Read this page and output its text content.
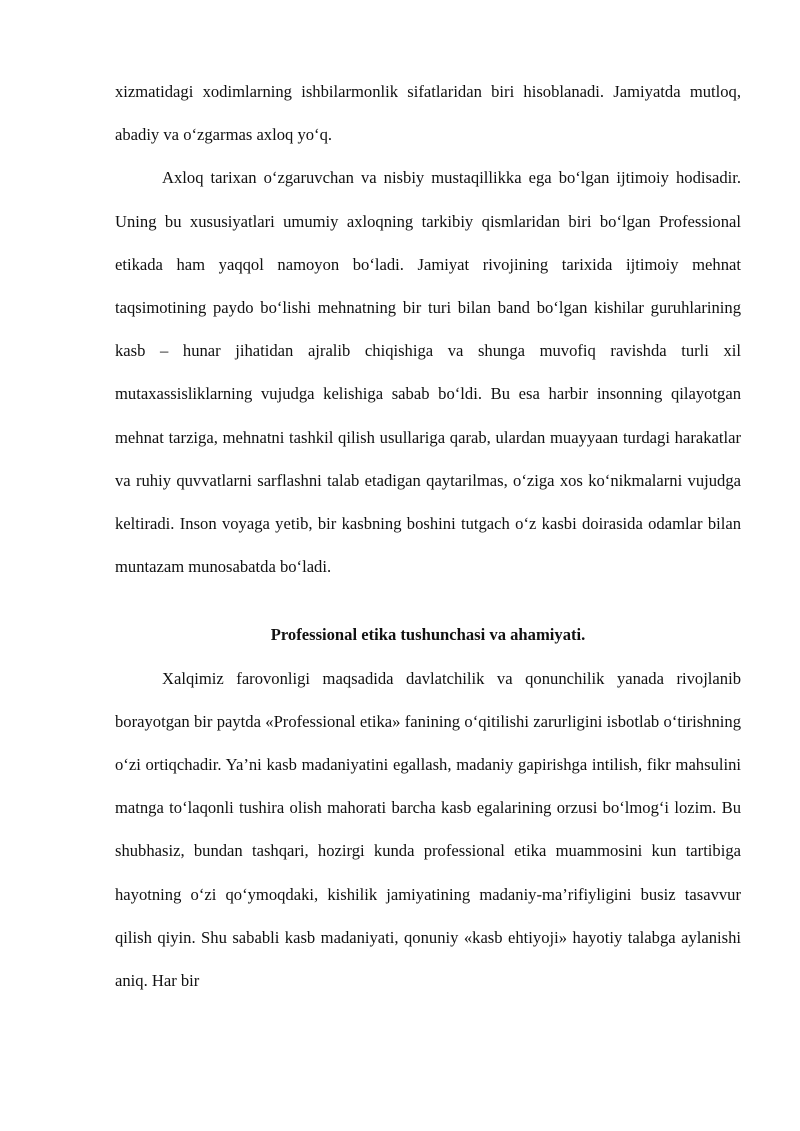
xizmatidagi xodimlarning ishbilarmonlik sifatlaridan biri hisoblanadi. Jamiyatda mutloq, abadiy va o‘zgarmas axloq yo‘q.

Axloq tarixan o‘zgaruvchan va nisbiy mustaqillikka ega bo‘lgan ijtimoiy hodisadir. Uning bu xususiyatlari umumiy axloqning tarkibiy qismlaridan biri bo‘lgan Professional etikada ham yaqqol namoyon bo‘ladi. Jamiyat rivojining tarixida ijtimoiy mehnat taqsimotining paydo bo‘lishi mehnatning bir turi bilan band bo‘lgan kishilar guruhlarining kasb – hunar jihatidan ajralib chiqishiga va shunga muvofiq ravishda turli xil mutaxassisliklarning vujudga kelishiga sabab bo‘ldi. Bu esa harbir insonning qilayotgan mehnat tarziga, mehnatni tashkil qilish usullariga qarab, ulardan muayyaan turdagi harakatlar va ruhiy quvvatlarni sarflashni talab etadigan qaytarilmas, o‘ziga xos ko‘nikmalarni vujudga keltiradi. Inson voyaga yetib, bir kasbning boshini tutgach o‘z kasbi doirasida odamlar bilan muntazam munosabatda bo‘ladi.

Professional etika tushunchasi va ahamiyati.

Xalqimiz farovonligi maqsadida davlatchilik va qonunchilik yanada rivojlanib borayotgan bir paytda «Professional etika» fanining o‘qitilishi zarurligini isbotlab o‘tirishning o‘zi ortiqchadir. Ya’ni kasb madaniyatini egallash, madaniy gapirishga intilish, fikr mahsulini matnga to‘laqonli tushira olish mahorati barcha kasb egalarining orzusi bo‘lmog‘i lozim. Bu shubhasiz, bundan tashqari, hozirgi kunda professional etika muammosini kun tartibiga hayotning o‘zi qo‘ymoqdaki, kishilik jamiyatining madaniy-ma’rifiyligini busiz tasavvur qilish qiyin. Shu sababli kasb madaniyati, qonuniy «kasb ehtiyoji» hayotiy talabga aylanishi aniq. Har bir
